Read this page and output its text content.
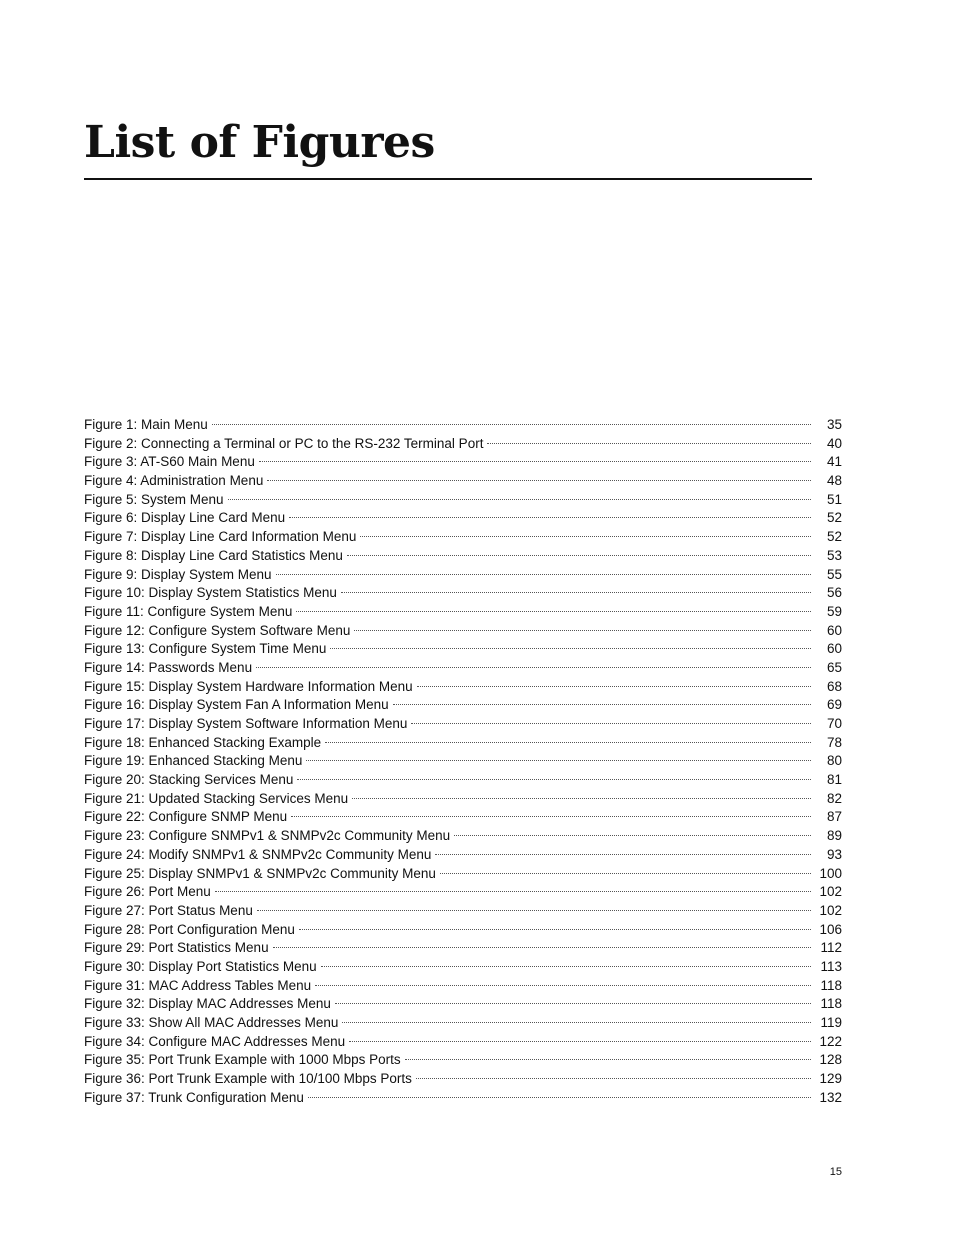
List of Figures
Figure 1: Main Menu	35
Figure 2: Connecting a Terminal or PC to the RS-232 Terminal Port	40
Figure 3: AT-S60 Main Menu	41
Figure 4: Administration Menu	48
Figure 5: System Menu	51
Figure 6: Display Line Card Menu	52
Figure 7: Display Line Card Information Menu	52
Figure 8: Display Line Card Statistics Menu	53
Figure 9: Display System Menu	55
Figure 10: Display System Statistics Menu	56
Figure 11: Configure System Menu	59
Figure 12: Configure System Software Menu	60
Figure 13: Configure System Time Menu	60
Figure 14: Passwords Menu	65
Figure 15: Display System Hardware Information Menu	68
Figure 16: Display System Fan A Information Menu	69
Figure 17: Display System Software Information Menu	70
Figure 18: Enhanced Stacking Example	78
Figure 19: Enhanced Stacking Menu	80
Figure 20: Stacking Services Menu	81
Figure 21: Updated Stacking Services Menu	82
Figure 22: Configure SNMP Menu	87
Figure 23: Configure SNMPv1 & SNMPv2c Community Menu	89
Figure 24: Modify SNMPv1 & SNMPv2c Community Menu	93
Figure 25: Display SNMPv1 & SNMPv2c Community Menu	100
Figure 26: Port Menu	102
Figure 27: Port Status Menu	102
Figure 28: Port Configuration Menu	106
Figure 29: Port Statistics Menu	112
Figure 30: Display Port Statistics Menu	113
Figure 31: MAC Address Tables Menu	118
Figure 32: Display MAC Addresses Menu	118
Figure 33: Show All MAC Addresses Menu	119
Figure 34: Configure MAC Addresses Menu	122
Figure 35: Port Trunk Example with 1000 Mbps Ports	128
Figure 36: Port Trunk Example with 10/100 Mbps Ports	129
Figure 37: Trunk Configuration Menu	132
15
